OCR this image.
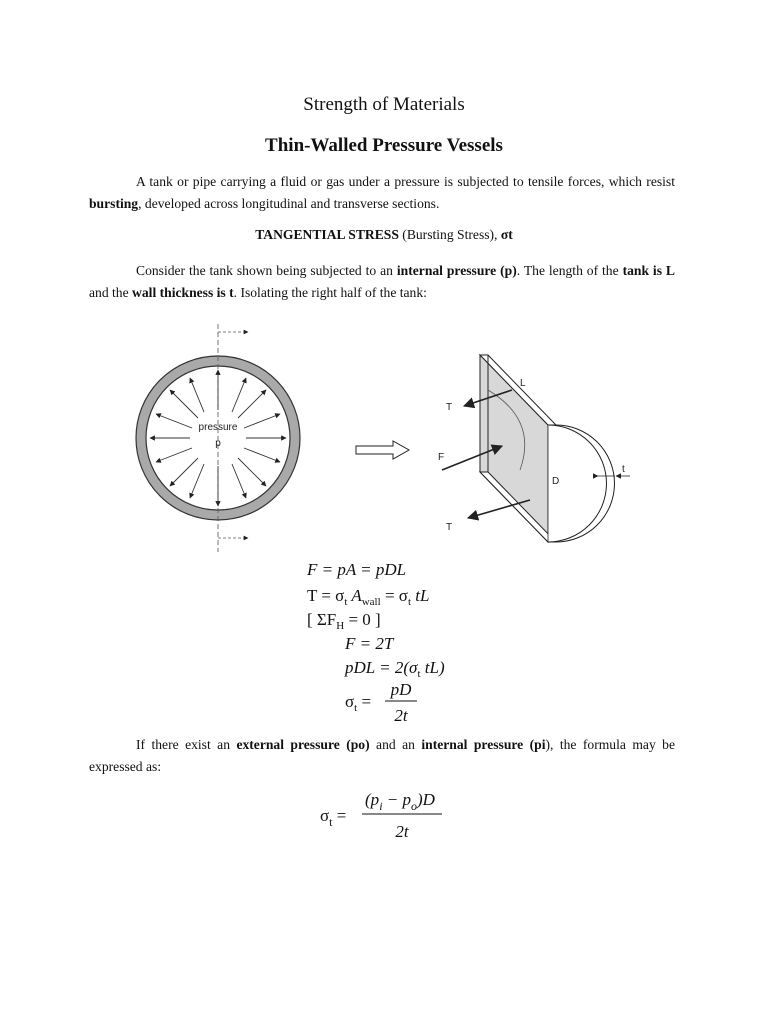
Strength of Materials
Thin-Walled Pressure Vessels

A tank or pipe carrying a fluid or gas under a pressure is subjected to tensile forces, which resist bursting, developed across longitudinal and transverse sections.

TANGENTIAL STRESS (Bursting Stress), σt

Consider the tank shown being subjected to an internal pressure (p). The length of the tank is L and the wall thickness is t. Isolating the right half of the tank:

pressure
p
T
F
T
L
D
t
F = pA = pDL
$T = \sigma_t$ $A_{wall} = \sigma_t$ tL
[ $\Sigma F_H = 0$ ]
F = 2T
pDL = $2(\sigma_t$ tL)
$\sigma_t$ =
pD
2t

If there exist an external pressure (po) and an internal pressure (pi), the formula may be expressed as:

$\sigma_t$ =
$(p_i - p_o)D$
2t
